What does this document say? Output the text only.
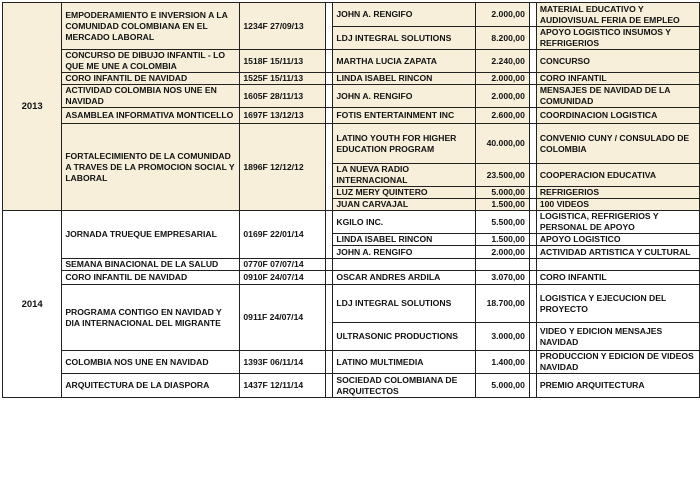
2013	EMPODERAMIENTO E INVERSION A LA COMUNIDAD COLOMBIANA EN EL MERCADO LABORAL	1234F 27/09/13		JOHN A. RENGIFO	2.000,00		MATERIAL EDUCATIVO Y AUDIOVISUAL FERIA DE EMPLEO
				LDJ INTEGRAL SOLUTIONS	8.200,00		APOYO LOGISTICO INSUMOS Y REFRIGERIOS
	CONCURSO DE DIBUJO INFANTIL - LO QUE ME UNE A COLOMBIA	1518F 15/11/13		MARTHA LUCIA ZAPATA	2.240,00		CONCURSO
	CORO INFANTIL DE NAVIDAD	1525F 15/11/13		LINDA ISABEL RINCON	2.000,00		CORO INFANTIL
	ACTIVIDAD COLOMBIA NOS UNE EN NAVIDAD	1605F 28/11/13		JOHN A. RENGIFO	2.000,00		MENSAJES DE NAVIDAD DE LA COMUNIDAD
	ASAMBLEA INFORMATIVA MONTICELLO	1697F 13/12/13		FOTIS ENTERTAINMENT INC	2.600,00		COORDINACION LOGISTICA
	FORTALECIMIENTO DE LA COMUNIDAD A TRAVES DE LA PROMOCION SOCIAL Y LABORAL	1896F 12/12/12		LATINO YOUTH FOR HIGHER EDUCATION PROGRAM	40.000,00		CONVENIO CUNY / CONSULADO DE COLOMBIA
				LA NUEVA RADIO INTERNACIONAL	23.500,00		COOPERACION EDUCATIVA
				LUZ MERY QUINTERO	5.000,00		REFRIGERIOS
				JUAN CARVAJAL	1.500,00		100 VIDEOS
2014	JORNADA TRUEQUE EMPRESARIAL	0169F 22/01/14		KGILO INC.	5.500,00		LOGISTICA, REFRIGERIOS Y PERSONAL DE APOYO
				LINDA ISABEL RINCON	1.500,00		APOYO LOGISTICO
				JOHN A. RENGIFO	2.000,00		ACTIVIDAD ARTISTICA Y CULTURAL
	SEMANA BINACIONAL DE LA SALUD	0770F 07/07/14					
	CORO INFANTIL DE NAVIDAD	0910F 24/07/14		OSCAR ANDRES ARDILA	3.070,00		CORO INFANTIL
	PROGRAMA CONTIGO EN NAVIDAD Y DIA INTERNACIONAL DEL MIGRANTE	0911F 24/07/14		LDJ INTEGRAL SOLUTIONS	18.700,00		LOGISTICA Y EJECUCION DEL PROYECTO
				ULTRASONIC PRODUCTIONS	3.000,00		VIDEO Y EDICION MENSAJES NAVIDAD
	COLOMBIA NOS UNE EN NAVIDAD	1393F 06/11/14		LATINO MULTIMEDIA	1.400,00		PRODUCCION Y EDICION DE VIDEOS NAVIDAD
	ARQUITECTURA DE LA DIASPORA	1437F 12/11/14		SOCIEDAD COLOMBIANA DE ARQUITECTOS	5.000,00		PREMIO ARQUITECTURA
